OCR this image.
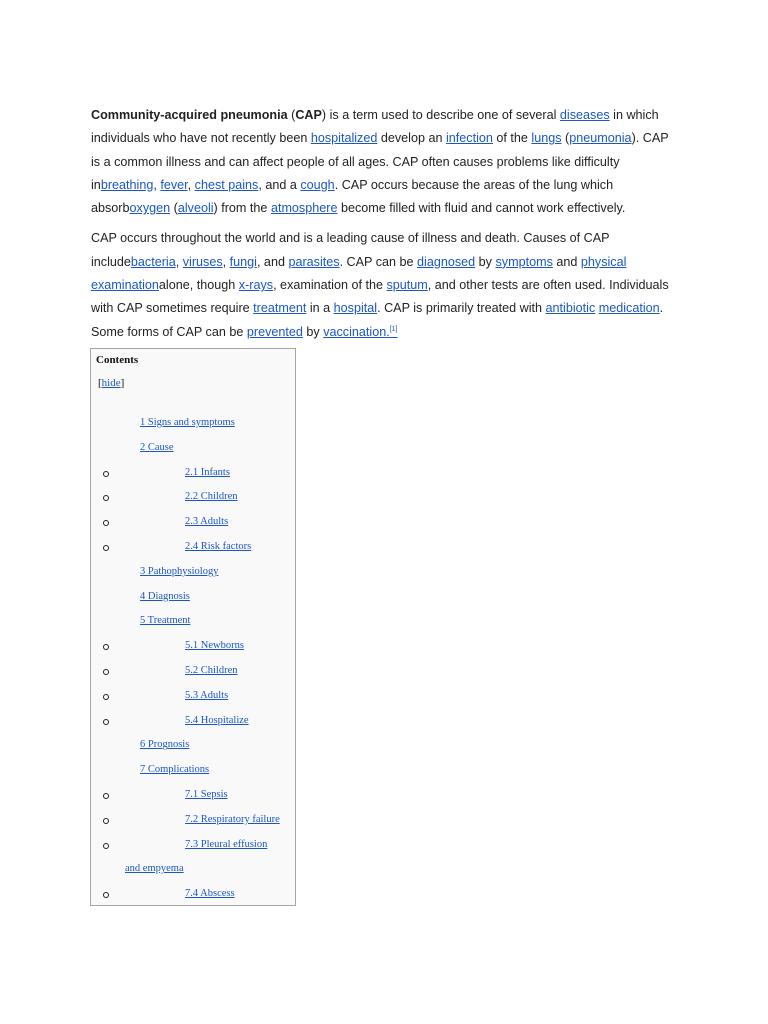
Community-acquired pneumonia (CAP) is a term used to describe one of several diseases in which individuals who have not recently been hospitalized develop an infection of the lungs (pneumonia). CAP is a common illness and can affect people of all ages. CAP often causes problems like difficulty inbreathing, fever, chest pains, and a cough. CAP occurs because the areas of the lung which absorboxygen (alveoli) from the atmosphere become filled with fluid and cannot work effectively.

CAP occurs throughout the world and is a leading cause of illness and death. Causes of CAP includebacteria, viruses, fungi, and parasites. CAP can be diagnosed by symptoms and physical examinationalone, though x-rays, examination of the sputum, and other tests are often used. Individuals with CAP sometimes require treatment in a hospital. CAP is primarily treated with antibiotic medication. Some forms of CAP can be prevented by vaccination.[1]

Contents
[hide]
1 Signs and symptoms
2 Cause
2.1 Infants
2.2 Children
2.3 Adults
2.4 Risk factors
3 Pathophysiology
4 Diagnosis
5 Treatment
5.1 Newborns
5.2 Children
5.3 Adults
5.4 Hospitalize
6 Prognosis
7 Complications
7.1 Sepsis
7.2 Respiratory failure
7.3 Pleural effusion
and empyema
7.4 Abscess
